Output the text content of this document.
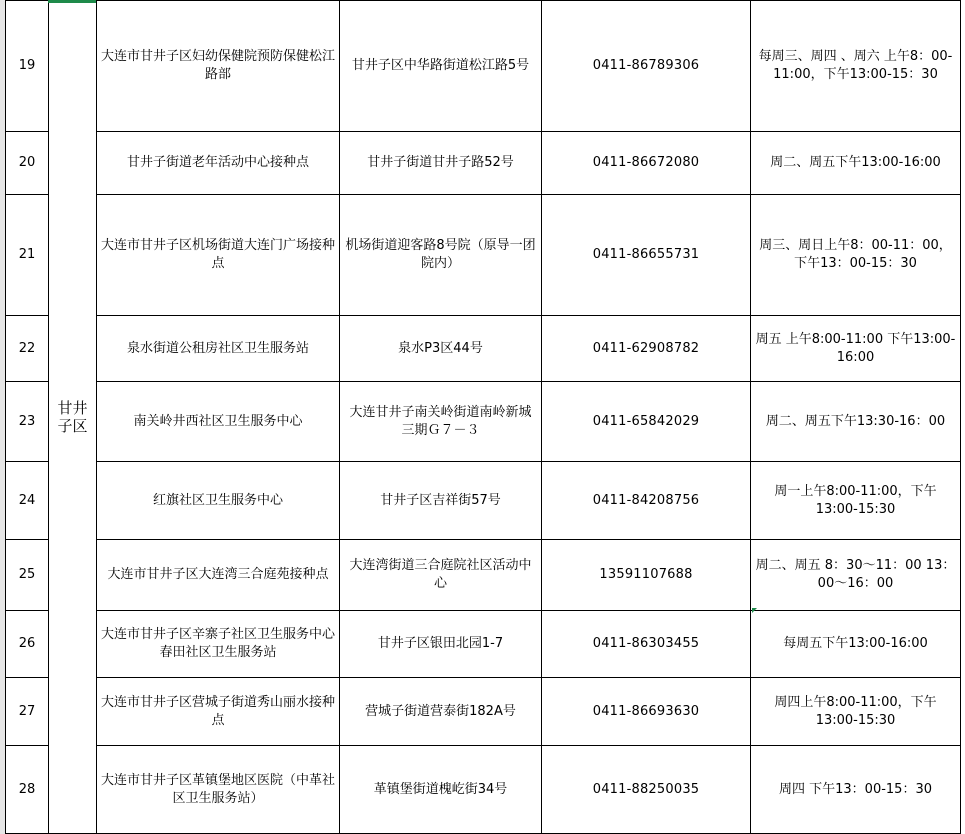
19	甘井子区	大连市甘井子区妇幼保健院预防保健松江路部	甘井子区中华路街道松江路5号	0411-86789306	每周三、周四 、周六 上午8：00-11:00，下午13:00-15：30
20		甘井子街道老年活动中心接种点	甘井子街道甘井子路52号	0411-86672080	周二、周五下午13:00-16:00
21		大连市甘井子区机场街道大连门广场接种点	机场街道迎客路8号院（原导一团院内）	0411-86655731	周三、周日上午8：00-11：00，下午13：00-15：30
22		泉水街道公租房社区卫生服务站	泉水P3区44号	0411-62908782	周五 上午8:00-11:00 下午13:00-16:00
23		南关岭井西社区卫生服务中心	大连甘井子南关岭街道南岭新城三期Ｇ７－３	0411-65842029	周二、周五下午13:30-16：00
24		红旗社区卫生服务中心	甘井子区吉祥街57号	0411-84208756	周一上午8:00-11:00，下午13:00-15:30
25		大连市甘井子区大连湾三合庭苑接种点	大连湾街道三合庭院社区活动中心	13591107688	周二、周五 8：30～11：00 13：00～16：00
26		大连市甘井子区辛寨子社区卫生服务中心春田社区卫生服务站	甘井子区银田北园1-7	0411-86303455	每周五下午13:00-16:00
27		大连市甘井子区营城子街道秀山丽水接种点	营城子街道营泰街182A号	0411-86693630	周四上午8:00-11:00，下午13:00-15:30
28		大连市甘井子区革镇堡地区医院（中革社区卫生服务站）	革镇堡街道槐屹街34号	0411-88250035	周四 下午13：00-15：30
